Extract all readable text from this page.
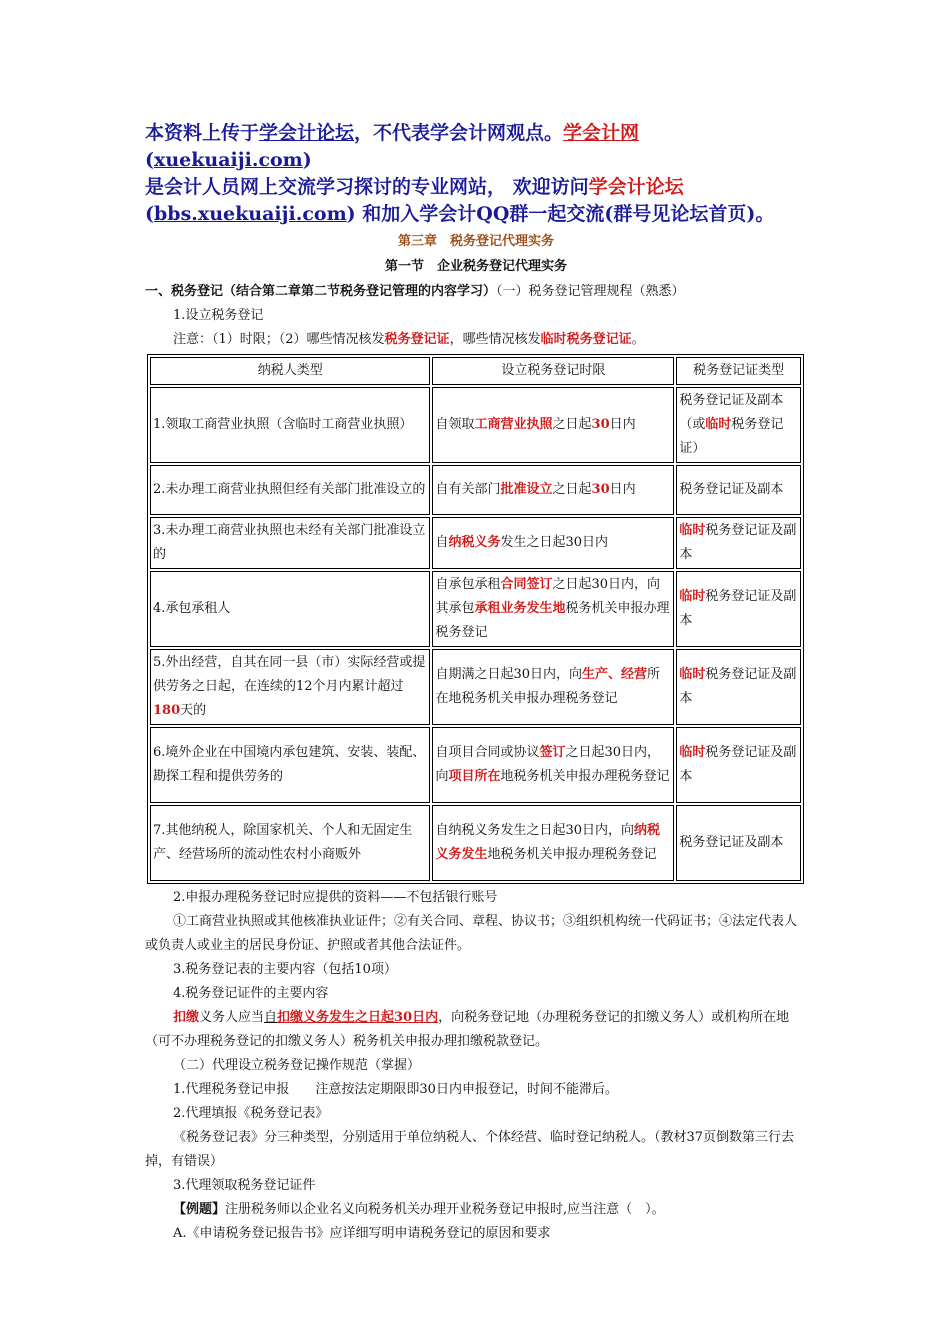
本资料上传于学会计论坛，不代表学会计网观点。学会计网 (xuekuaiji.com)
是会计人员网上交流学习探讨的专业网站， 欢迎访问学会计论坛
(bbs.xuekuaiji.com) 和加入学会计QQ群一起交流(群号见论坛首页)。
第三章　税务登记代理实务
第一节　企业税务登记代理实务

一、税务登记（结合第二章第二节税务登记管理的内容学习）（一）税务登记管理规程（熟悉）

1.设立税务登记

注意：（1）时限；（2）哪些情况核发税务登记证，哪些情况核发临时税务登记证。

纳税人类型	设立税务登记时限	税务登记证类型
1.领取工商营业执照（含临时工商营业执照）	自领取工商营业执照之日起30日内	税务登记证及副本（或临时税务登记证）
2.未办理工商营业执照但经有关部门批准设立的	自有关部门批准设立之日起30日内	税务登记证及副本
3.未办理工商营业执照也未经有关部门批准设立的	自纳税义务发生之日起30日内	临时税务登记证及副本
4.承包承租人	自承包承租合同签订之日起30日内，向其承包承租业务发生地税务机关申报办理税务登记	临时税务登记证及副本
5.外出经营，自其在同一县（市）实际经营或提供劳务之日起，在连续的12个月内累计超过180天的	自期满之日起30日内，向生产、经营所在地税务机关申报办理税务登记	临时税务登记证及副本
6.境外企业在中国境内承包建筑、安装、装配、勘探工程和提供劳务的	自项目合同或协议签订之日起30日内，向项目所在地税务机关申报办理税务登记	临时税务登记证及副本
7.其他纳税人，除国家机关、个人和无固定生产、经营场所的流动性农村小商贩外	自纳税义务发生之日起30日内，向纳税义务发生地税务机关申报办理税务登记	税务登记证及副本

2.申报办理税务登记时应提供的资料——不包括银行账号

①工商营业执照或其他核准执业证件；②有关合同、章程、协议书；③组织机构统一代码证书；④法定代表人或负责人或业主的居民身份证、护照或者其他合法证件。

3.税务登记表的主要内容（包括10项）

4.税务登记证件的主要内容

扣缴义务人应当自扣缴义务发生之日起30日内，向税务登记地（办理税务登记的扣缴义务人）或机构所在地（可不办理税务登记的扣缴义务人）税务机关申报办理扣缴税款登记。

（二）代理设立税务登记操作规范（掌握）

1.代理税务登记申报　　注意按法定期限即30日内申报登记，时间不能滞后。

2.代理填报《税务登记表》

《税务登记表》分三种类型，分别适用于单位纳税人、个体经营、临时登记纳税人。（教材37页倒数第三行去掉，有错误）

3.代理领取税务登记证件

【例题】注册税务师以企业名义向税务机关办理开业税务登记申报时,应当注意（　）。

A.《申请税务登记报告书》应详细写明申请税务登记的原因和要求
